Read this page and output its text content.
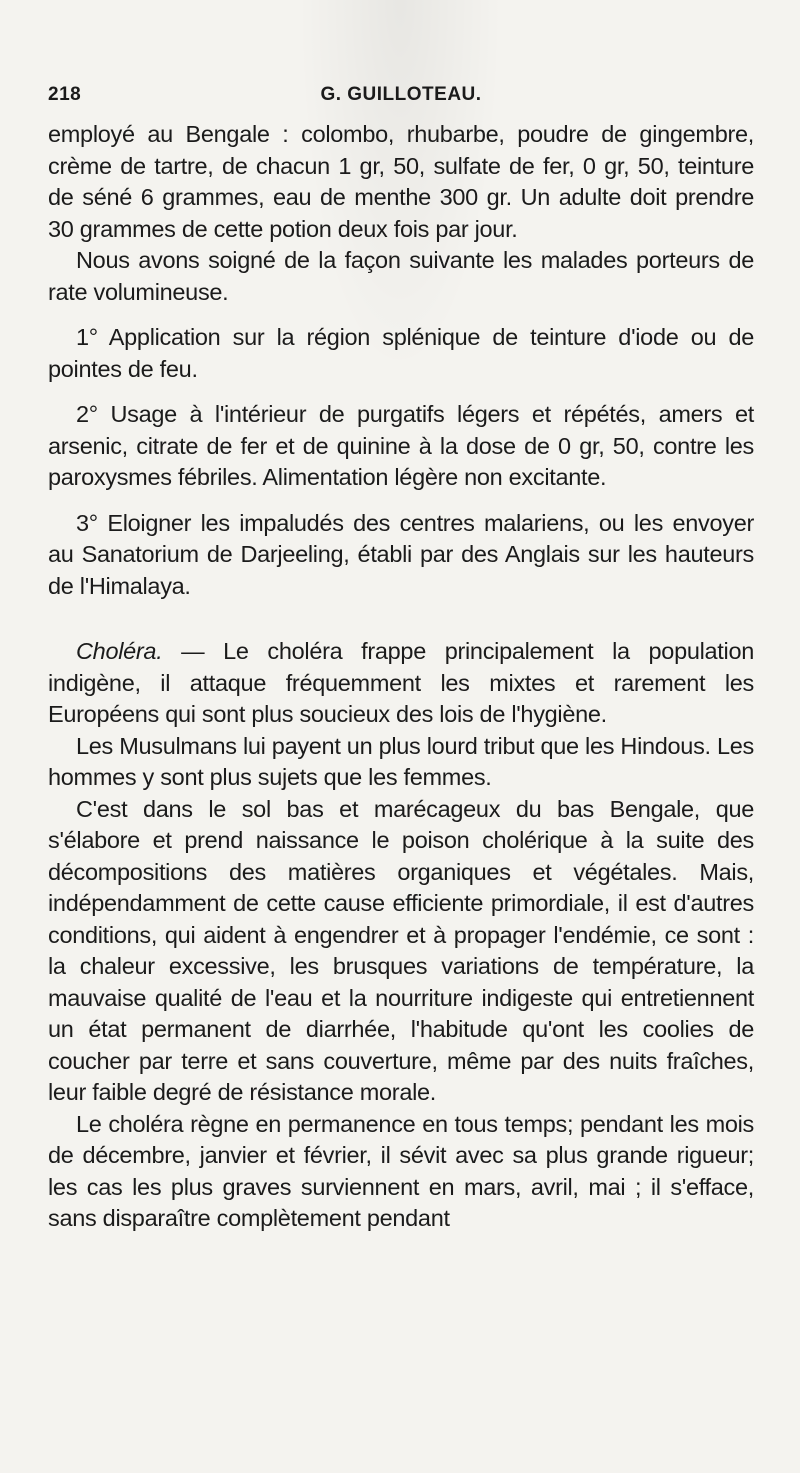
218	G. GUILLOTEAU.

employé au Bengale : colombo, rhubarbe, poudre de gingembre, crème de tartre, de chacun 1 gr, 50, sulfate de fer, 0 gr, 50, teinture de séné 6 grammes, eau de menthe 300 gr. Un adulte doit prendre 30 grammes de cette potion deux fois par jour.

Nous avons soigné de la façon suivante les malades porteurs de rate volumineuse.

1° Application sur la région splénique de teinture d'iode ou de pointes de feu.

2° Usage à l'intérieur de purgatifs légers et répétés, amers et arsenic, citrate de fer et de quinine à la dose de 0 gr, 50, contre les paroxysmes fébriles. Alimentation légère non excitante.

3° Eloigner les impaludés des centres malariens, ou les envoyer au Sanatorium de Darjeeling, établi par des Anglais sur les hauteurs de l'Himalaya.

Choléra. — Le choléra frappe principalement la population indigène, il attaque fréquemment les mixtes et rarement les Européens qui sont plus soucieux des lois de l'hygiène.

Les Musulmans lui payent un plus lourd tribut que les Hindous. Les hommes y sont plus sujets que les femmes.

C'est dans le sol bas et marécageux du bas Bengale, que s'élabore et prend naissance le poison cholérique à la suite des décompositions des matières organiques et végétales. Mais, indépendamment de cette cause efficiente primordiale, il est d'autres conditions, qui aident à engendrer et à propager l'endémie, ce sont : la chaleur excessive, les brusques variations de température, la mauvaise qualité de l'eau et la nourriture indigeste qui entretiennent un état permanent de diarrhée, l'habitude qu'ont les coolies de coucher par terre et sans couverture, même par des nuits fraîches, leur faible degré de résistance morale.

Le choléra règne en permanence en tous temps; pendant les mois de décembre, janvier et février, il sévit avec sa plus grande rigueur; les cas les plus graves surviennent en mars, avril, mai ; il s'efface, sans disparaître complètement pendant
